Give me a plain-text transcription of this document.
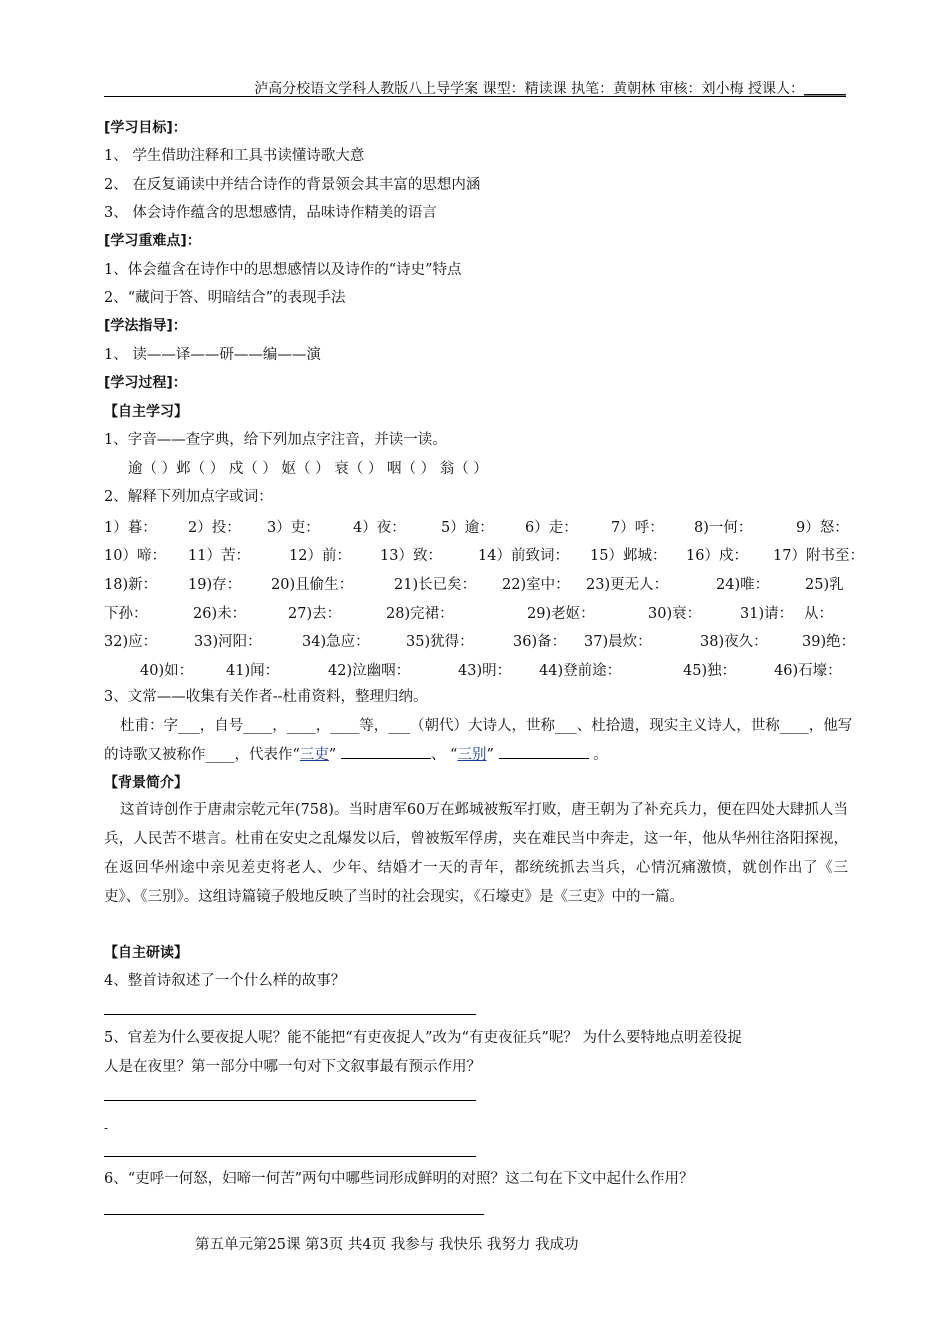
泸高分校语文学科人教版八上导学案 课型：精读课 执笔：黄朝林 审核：刘小梅 授课人：______
[学习目标]：
1、 学生借助注释和工具书读懂诗歌大意
2、 在反复诵读中并结合诗作的背景领会其丰富的思想内涵
3、 体会诗作蕴含的思想感情，品味诗作精美的语言
[学习重难点]：
1、体会蕴含在诗作中的思想感情以及诗作的“诗史”特点
2、“藏问于答、明暗结合”的表现手法
[学法指导]：
1、 读——译——研——编——演
[学习过程]：
【自主学习】
1、字音——查字典，给下列加点字注音，并读一读。
逾（ ）邺（ ） 戍（ ） 妪（ ） 衰（ ） 咽（ ） 翁（ ）
2、解释下列加点字或词：
1）暮： 2）投： 3）吏： 4）夜： 5）逾： 6）走： 7）呼： 8)一何：	9）怒：
10）啼： 11）苦：	12）前： 13）致： 14）前致词： 15）邺城： 16）戍： 17）附书至：
18)新： 19)存： 20)且偷生：	21)长已矣： 22)室中： 23)更无人：	24)唯： 25)乳
下孙：	26)未：	27)去：	28)完裙：	29)老妪：	30)衰：	31)请： 从：
32)应：	33)河阳：	34)急应：	35)犹得：	36)备： 37)晨炊：	38)夜久： 39)绝：
40)如： 41)闻：	42)泣幽咽：	43)明： 44)登前途：	45)独：	46)石壕：
3、文常——收集有关作者--杜甫资料，整理归纳。
杜甫：字___，自号____，____，____等，___（朝代）大诗人，世称___、杜拾遗，现实主义诗人，世称____，他写
的诗歌又被称作____，代表作“三吏”	、 “三别”	。
【背景简介】
这首诗创作于唐肃宗乾元年(758)。当时唐军60万在邺城被叛军打败，唐王朝为了补充兵力，便在四处大肆抓人当兵，人民苦不堪言。杜甫在安史之乱爆发以后，曾被叛军俘虏，夹在难民当中奔走，这一年，他从华州往洛阳探视，在返回华州途中亲见差吏将老人、少年、结婚才一天的青年，都统统抓去当兵，心情沉痛激愤，就创作出了《三吏》、《三别》。这组诗篇镜子般地反映了当时的社会现实，《石壕吏》是《三吏》中的一篇。
【自主研读】
4、整首诗叙述了一个什么样的故事？
5、官差为什么要夜捉人呢？能不能把“有吏夜捉人”改为“有吏夜征兵”呢？ 为什么要特地点明差役捉
人是在夜里？第一部分中哪一句对下文叙事最有预示作用？
-
6、“吏呼一何怒，妇啼一何苦”两句中哪些词形成鲜明的对照？这二句在下文中起什么作用？
第五单元第25课 第3页 共4页 我参与 我快乐 我努力 我成功
